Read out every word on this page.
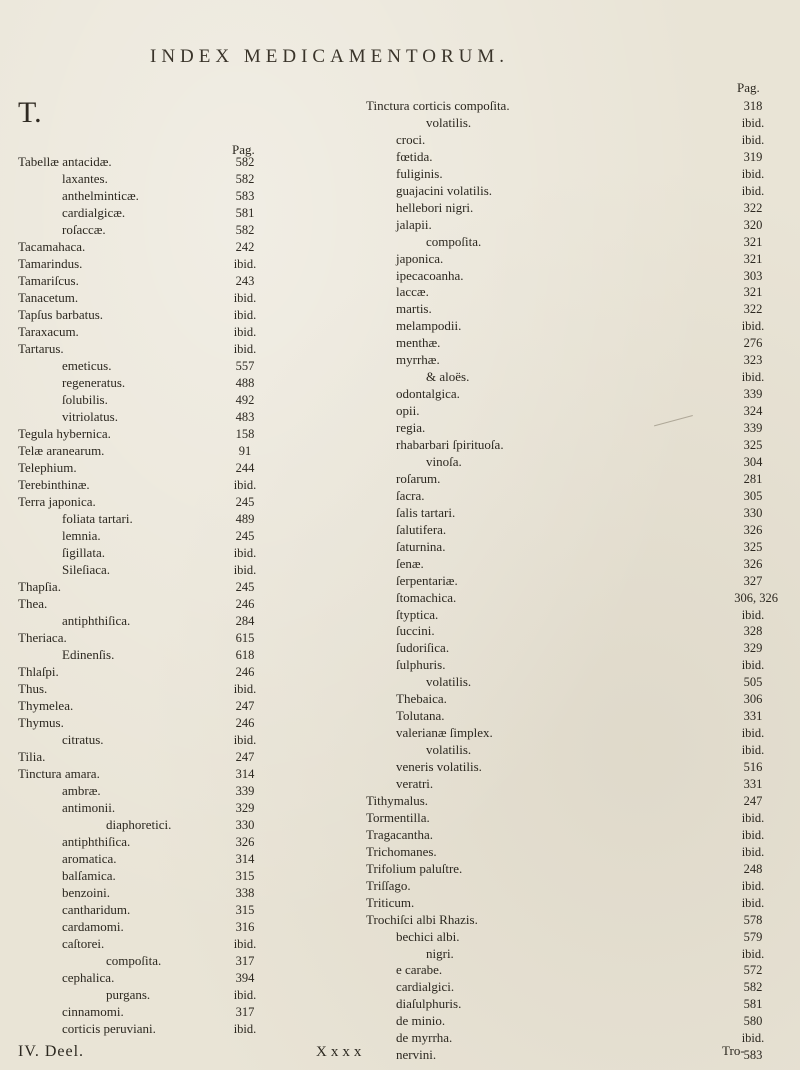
INDEX MEDICAMENTORUM.
T.
Pag.
Pag.
Tabellæ antacidæ.	582
laxantes.	582
anthelminticæ.	583
cardialgicæ.	581
roſaccæ.	582
Tacamahaca.	242
Tamarindus.	ibid.
Tamariſcus.	243
Tanacetum.	ibid.
Tapſus barbatus.	ibid.
Taraxacum.	ibid.
Tartarus.	ibid.
emeticus.	557
regeneratus.	488
ſolubilis.	492
vitriolatus.	483
Tegula hybernica.	158
Telæ aranearum.	91
Telephium.	244
Terebinthinæ.	ibid.
Terra japonica.	245
foliata tartari.	489
lemnia.	245
ſigillata.	ibid.
Sileſiaca.	ibid.
Thapſia.	245
Thea.	246
antiphthiſica.	284
Theriaca.	615
Edinenſis.	618
Thlaſpi.	246
Thus.	ibid.
Thymelea.	247
Thymus.	246
citratus.	ibid.
Tilia.	247
Tinctura amara.	314
ambræ.	339
antimonii.	329
diaphoretici.	330
antiphthiſica.	326
aromatica.	314
balſamica.	315
benzoini.	338
cantharidum.	315
cardamomi.	316
caſtorei.	ibid.
compoſita.	317
cephalica.	394
purgans.	ibid.
cinnamomi.	317
corticis peruviani.	ibid.
Tinctura corticis compoſita.	318
volatilis.	ibid.
croci.	ibid.
fœtida.	319
fuliginis.	ibid.
guajacini volatilis.	ibid.
hellebori nigri.	322
jalapii.	320
compoſita.	321
japonica.	321
ipecacoanha.	303
laccæ.	321
martis.	322
melampodii.	ibid.
menthæ.	276
myrrhæ.	323
& aloës.	ibid.
odontalgica.	339
opii.	324
regia.	339
rhabarbari ſpirituoſa.	325
vinoſa.	304
roſarum.	281
ſacra.	305
ſalis tartari.	330
ſalutifera.	326
ſaturnina.	325
ſenæ.	326
ſerpentariæ.	327
ſtomachica.	306, 326
ſtyptica.	ibid.
ſuccini.	328
ſudoriſica.	329
ſulphuris.	ibid.
volatilis.	505
Thebaica.	306
Tolutana.	331
valerianæ ſimplex.	ibid.
volatilis.	ibid.
veneris volatilis.	516
veratri.	331
Tithymalus.	247
Tormentilla.	ibid.
Tragacantha.	ibid.
Trichomanes.	ibid.
Trifolium paluſtre.	248
Triſſago.	ibid.
Triticum.	ibid.
Trochiſci albi Rhazis.	578
bechici albi.	579
nigri.	ibid.
e carabe.	572
cardialgici.	582
diaſulphuris.	581
de minio.	580
de myrrha.	ibid.
nervini.	583
IV. Deel.	Xxxx	Tro-
